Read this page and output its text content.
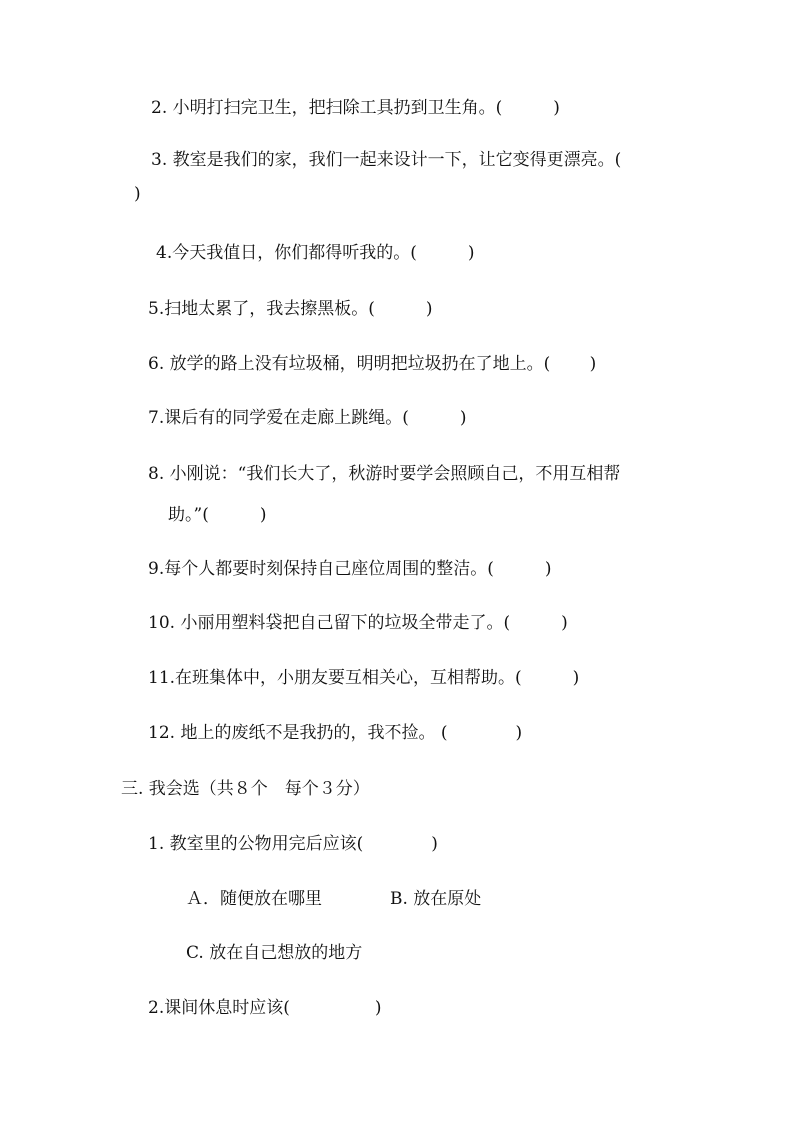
2. 小明打扫完卫生，把扫除工具扔到卫生角。(　　　)
3. 教室是我们的家，我们一起来设计一下，让它变得更漂亮。(
)
4.今天我值日，你们都得听我的。(　　　)
5.扫地太累了，我去擦黑板。(　　　)
6. 放学的路上没有垃圾桶，明明把垃圾扔在了地上。(　　 )
7.课后有的同学爱在走廊上跳绳。(　　　)
8. 小刚说：“我们长大了，秋游时要学会照顾自己，不用互相帮
助。”(　　　)
9.每个人都要时刻保持自己座位周围的整洁。(　　　)
10. 小丽用塑料袋把自己留下的垃圾全带走了。(　　　)
11.在班集体中，小朋友要互相关心，互相帮助。(　　　)
12. 地上的废纸不是我扔的，我不捡。 (　　　　)
三. 我会选（共８个　每个３分）
1. 教室里的公物用完后应该(　　　　)
Ａ．随便放在哪里	B. 放在原处
C. 放在自己想放的地方
2.课间休息时应该(　　　　　)
